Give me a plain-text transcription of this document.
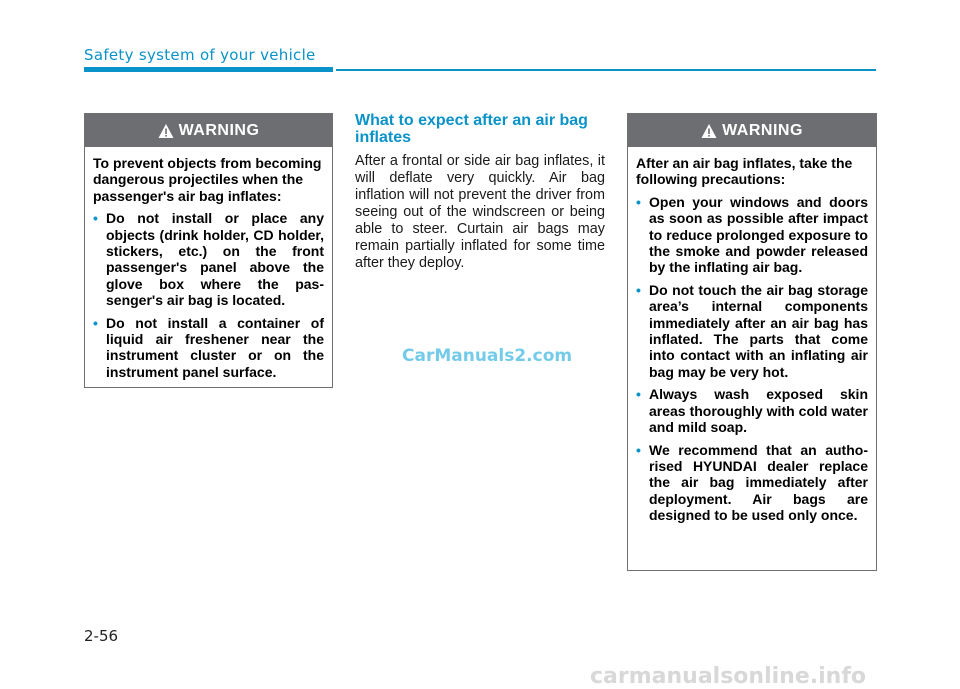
Safety system of your vehicle
WARNING

To prevent objects from becoming dangerous projectiles when the passenger's air bag inflates:

• Do not install or place any objects (drink holder, CD holder, stickers, etc.) on the front passenger's panel above the glove box where the passenger's air bag is located.
• Do not install a container of liquid air freshener near the instrument cluster or on the instrument panel surface.
What to expect after an air bag inflates
After a frontal or side air bag inflates, it will deflate very quickly. Air bag inflation will not prevent the driver from seeing out of the windscreen or being able to steer. Curtain air bags may remain partially inflated for some time after they deploy.
CarManuals2.com
WARNING

After an air bag inflates, take the following precautions:

• Open your windows and doors as soon as possible after impact to reduce prolonged exposure to the smoke and powder released by the inflating air bag.
• Do not touch the air bag storage area’s internal components immediately after an air bag has inflated. The parts that come into contact with an inflating air bag may be very hot.
• Always wash exposed skin areas thoroughly with cold water and mild soap.
• We recommend that an authorised HYUNDAI dealer replace the air bag immediately after deployment. Air bags are designed to be used only once.
2-56
carmanualsonline.info
